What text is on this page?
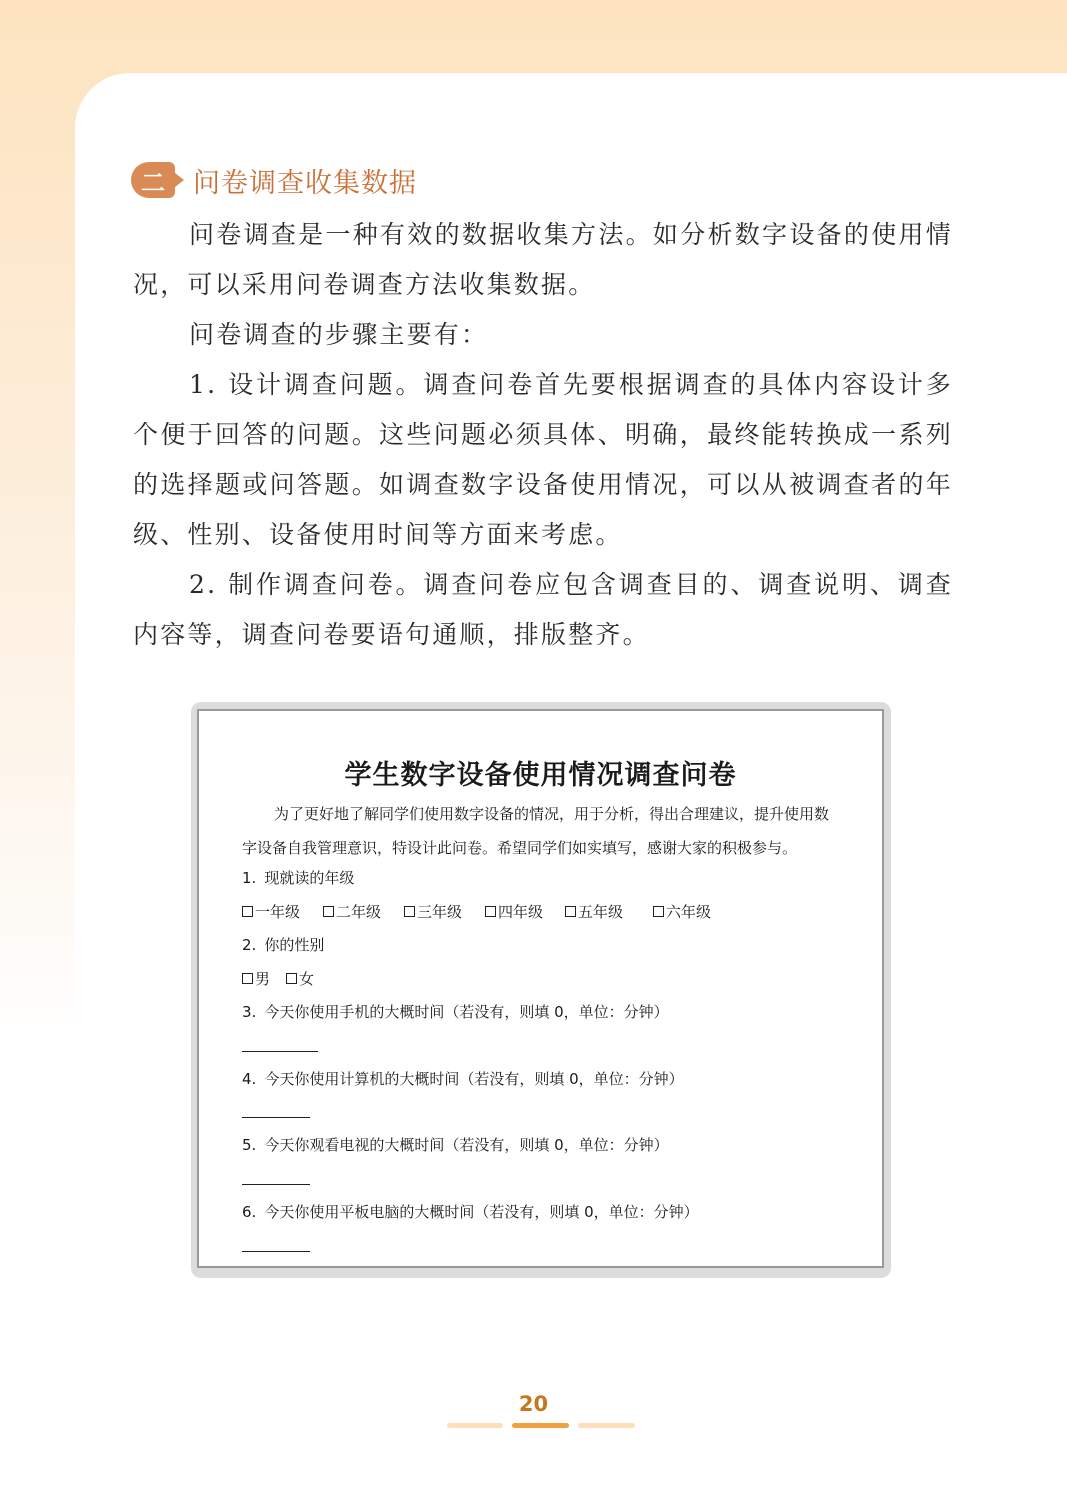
二	问卷调查收集数据

问卷调查是一种有效的数据收集方法。如分析数字设备的使用情况，可以采用问卷调查方法收集数据。

问卷调查的步骤主要有：

1. 设计调查问题。调查问卷首先要根据调查的具体内容设计多个便于回答的问题。这些问题必须具体、明确，最终能转换成一系列的选择题或问答题。如调查数字设备使用情况，可以从被调查者的年级、性别、设备使用时间等方面来考虑。

2. 制作调查问卷。调查问卷应包含调查目的、调查说明、调查内容等，调查问卷要语句通顺，排版整齐。

学生数字设备使用情况调查问卷

为了更好地了解同学们使用数字设备的情况，用于分析，得出合理建议，提升使用数字设备自我管理意识，特设计此问卷。希望同学们如实填写，感谢大家的积极参与。

1. 现就读的年级
一年级 二年级 三年级 四年级 五年级	六年级
2. 你的性别
男 女
3. 今天你使用手机的大概时间（若没有，则填 0，单位：分钟）
4. 今天你使用计算机的大概时间（若没有，则填 0，单位：分钟）
5. 今天你观看电视的大概时间（若没有，则填 0，单位：分钟）
6. 今天你使用平板电脑的大概时间（若没有，则填 0，单位：分钟）
20
